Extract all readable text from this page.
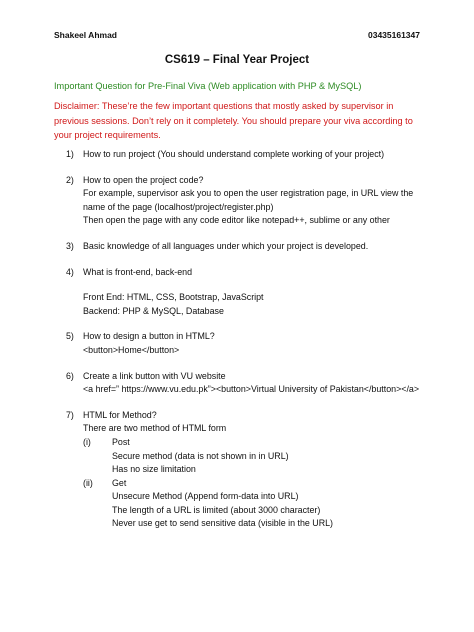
Shakeel Ahmad	03435161347
CS619 – Final Year Project
Important Question for Pre-Final Viva (Web application with PHP & MySQL)
Disclaimer: These’re the few important questions that mostly asked by supervisor in previous sessions. Don’t rely on it completely. You should prepare your viva according to your project requirements.
1)	How to run project (You should understand complete working of your project)
2)	How to open the project code?
For example, supervisor ask you to open the user registration page, in URL view the name of the page (localhost/project/register.php)
Then open the page with any code editor like notepad++, sublime or any other
3)	Basic knowledge of all languages under which your project is developed.
4)	What is front-end, back-end
Front End: HTML, CSS, Bootstrap, JavaScript
Backend: PHP & MySQL, Database
5)	How to design a button in HTML?
<button>Home</button>
6)	Create a link button with VU website
<a href=” https://www.vu.edu.pk”><button>Virtual University of Pakistan</button></a>
7)	HTML for Method?
There are two method of HTML form
(i)	Post
Secure method (data is not shown in in URL)
Has no size limitation
(ii)	Get
Unsecure Method (Append form-data into URL)
The length of a URL is limited (about 3000 character)
Never use get to send sensitive data (visible in the URL)
